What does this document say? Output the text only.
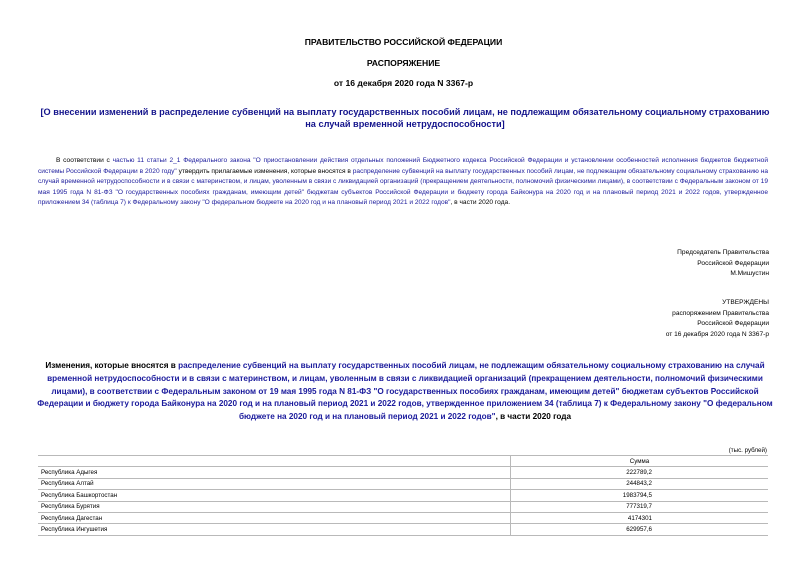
ПРАВИТЕЛЬСТВО РОССИЙСКОЙ ФЕДЕРАЦИИ
РАСПОРЯЖЕНИЕ
от 16 декабря 2020 года N 3367-р
[О внесении изменений в распределение субвенций на выплату государственных пособий лицам, не подлежащим обязательному социальному страхованию на случай временной нетрудоспособности]
В соответствии с частью 11 статьи 2_1 Федерального закона "О приостановлении действия отдельных положений Бюджетного кодекса Российской Федерации и установлении особенностей исполнения бюджетов бюджетной системы Российской Федерации в 2020 году" утвердить прилагаемые изменения, которые вносятся в распределение субвенций на выплату государственных пособий лицам, не подлежащим обязательному социальному страхованию на случай временной нетрудоспособности и в связи с материнством, и лицам, уволенным в связи с ликвидацией организаций (прекращением деятельности, полномочий физическими лицами), в соответствии с Федеральным законом от 19 мая 1995 года N 81-ФЗ "О государственных пособиях гражданам, имеющим детей" бюджетам субъектов Российской Федерации и бюджету города Байконура на 2020 год и на плановый период 2021 и 2022 годов, утвержденное приложением 34 (таблица 7) к Федеральному закону "О федеральном бюджете на 2020 год и на плановый период 2021 и 2022 годов", в части 2020 года.
Председатель Правительства
Российской Федерации
М.Мишустин
УТВЕРЖДЕНЫ
распоряжением Правительства
Российской Федерации
от 16 декабря 2020 года N 3367-р
Изменения, которые вносятся в распределение субвенций на выплату государственных пособий лицам, не подлежащим обязательному социальному страхованию на случай временной нетрудоспособности и в связи с материнством, и лицам, уволенным в связи с ликвидацией организаций (прекращением деятельности, полномочий физическими лицами), в соответствии с Федеральным законом от 19 мая 1995 года N 81-ФЗ "О государственных пособиях гражданам, имеющим детей" бюджетам субъектов Российской Федерации и бюджету города Байконура на 2020 год и на плановый период 2021 и 2022 годов, утвержденное приложением 34 (таблица 7) к Федеральному закону "О федеральном бюджете на 2020 год и на плановый период 2021 и 2022 годов", в части 2020 года
(тыс. рублей)
	Сумма
Республика Адыгея	222789,2
Республика Алтай	244843,2
Республика Башкортостан	1983794,5
Республика Бурятия	777319,7
Республика Дагестан	4174301
Республика Ингушетия	629957,6
